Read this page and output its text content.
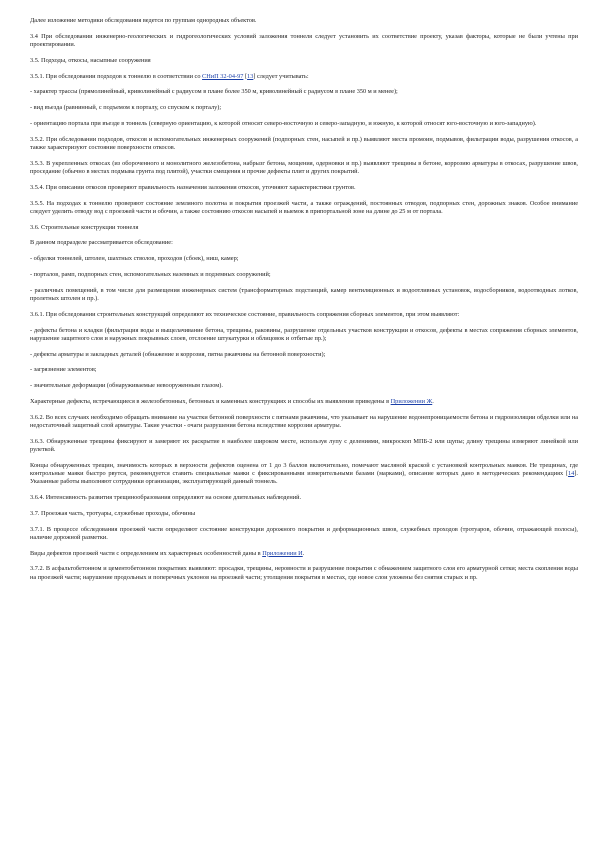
Далее изложение методики обследования ведется по группам однородных объектов.

3.4 При обследовании инженерно-геологических и гидрогеологических условий заложения тоннеля следует установить их соответствие проекту, указав факторы, которые не были учтены при проектировании.

3.5. Подходы, откосы, насыпные сооружения

3.5.1. При обследовании подходов к тоннелю в соответствии со СНиП 32-04-97 [13] следует учитывать:

- характер трассы (прямолинейный, криволинейный с радиусом в плане более 350 м, криволинейный с радиусом в плане 350 м и менее);

- вид въезда (равнинный, с подъемом к порталу, со спуском к порталу);

- ориентацию портала при въезде в тоннель (северную ориентацию, к которой относят северо-восточную и северо-западную, и южную, к которой относят юго-восточную и юго-западную).

3.5.2. При обследовании подходов, откосов и вспомогательных инженерных сооружений (подпорных стен, насыпей и пр.) выявляют места промоин, подмывов, фильтрации воды, разрушения откосов, а также характеризуют состояние поверхности откосов.

3.5.3. В укрепленных откосах (из обороченного и монолитного железобетона, набрызг бетона, мощения, одерновки и пр.) выявляют трещины в бетоне, коррозию арматуры в откосах, разрушение швов, проседание (обычно в местах подмыва грунта под плитой), участки смещения и прочие дефекты плит и других покрытий.

3.5.4. При описании откосов проверяют правильность назначения заложения откосов, уточняют характеристики грунтов.

3.5.5. На подходах к тоннелю проверяют состояние земляного полотна и покрытия проезжей части, а также ограждений, постоянных отводов, подпорных стен, дорожных знаков. Особое внимание следует уделить отводу вод с проезжей части и обочин, а также состоянию откосов насыпей и выемок в припортальной зоне на длине до 25 м от портала.

3.6. Строительные конструкции тоннеля

В данном подразделе рассматривается обследование:

- обделки тоннелей, штолен, шахтных стволов, проходов (сбоек), ниш, камер;

- порталов, рамп, подпорных стен, вспомогательных наземных и подземных сооружений;

- различных помещений, в том числе для размещения инженерных систем (трансформаторных подстанций, камер вентиляционных и водоотливных установок, водосборников, водоотводных лотков, пролетных штолен и пр.).

3.6.1. При обследовании строительных конструкций определяют их техническое состояние, правильность сопряжения сборных элементов, при этом выявляют:

- дефекты бетона и кладки (фильтрация воды и выщелачивание бетона, трещины, раковины, разрушение отдельных участков конструкции и откосов, дефекты в местах сопряжения сборных элементов, нарушение защитного слоя и наружных покрывных слоев, отслоение штукатурки и облицовок и отбитые пр.);

- дефекты арматуры и закладных деталей (обнажение и коррозия, пятна ржавчины на бетонной поверхности);

- загрязнение элементов;

- значительные деформации (обнаруживаемые невооруженным глазом).

Характерные дефекты, встречающиеся в железобетонных, бетонных и каменных конструкциях и способы их выявления приведены в Приложении Ж.

3.6.2. Во всех случаях необходимо обращать внимание на участки бетонной поверхности с пятнами ржавчины, что указывает на нарушение водонепроницаемости бетона и гидроизоляции обделки или на недостаточный защитный слой арматуры. Такие участки - очаги разрушения бетона вследствие коррозии арматуры.

3.6.3. Обнаруженные трещины фиксируют и замеряют их раскрытие в наиболее широком месте, используя лупу с делениями, микроскоп МПБ-2 или щупы; длину трещины измеряют линейкой или рулеткой.

Концы обнаруженных трещин, значимость которых в верхности дефектов оценена от 1 до 3 баллов включительно, помечают масляной краской с установкой контрольных маяков. Не трещинах, где контрольные маяки быстро рвутся, рекомендуется ставить специальные маяки с фиксированными измерительными базами (марками), описание которых дано в методических рекомендациях [14]. Указанные работы выполняют сотрудники организации, эксплуатирующей данный тоннель.

3.6.4. Интенсивность развития трещинообразования определяют на основе длительных наблюдений.

3.7. Проезжая часть, тротуары, служебные проходы, обочины

3.7.1. В процессе обследования проезжей части определяют состояние конструкции дорожного покрытия и деформационных швов, служебных проходов (тротуаров, обочин, отражающей полосы), наличие дорожной разметки.

Виды дефектов проезжей части с определением их характерных особенностей даны в Приложении И.

3.7.2. В асфальтобетонном и цементобетонном покрытиях выявляют: просадки, трещины, неровности и разрушение покрытия с обнажением защитного слоя его арматурной сетки; места скопления воды на проезжей части; нарушение продольных и поперечных уклонов на проезжей части; утолщения покрытия в местах, где новое слои уложены без снятия старых и пр.
